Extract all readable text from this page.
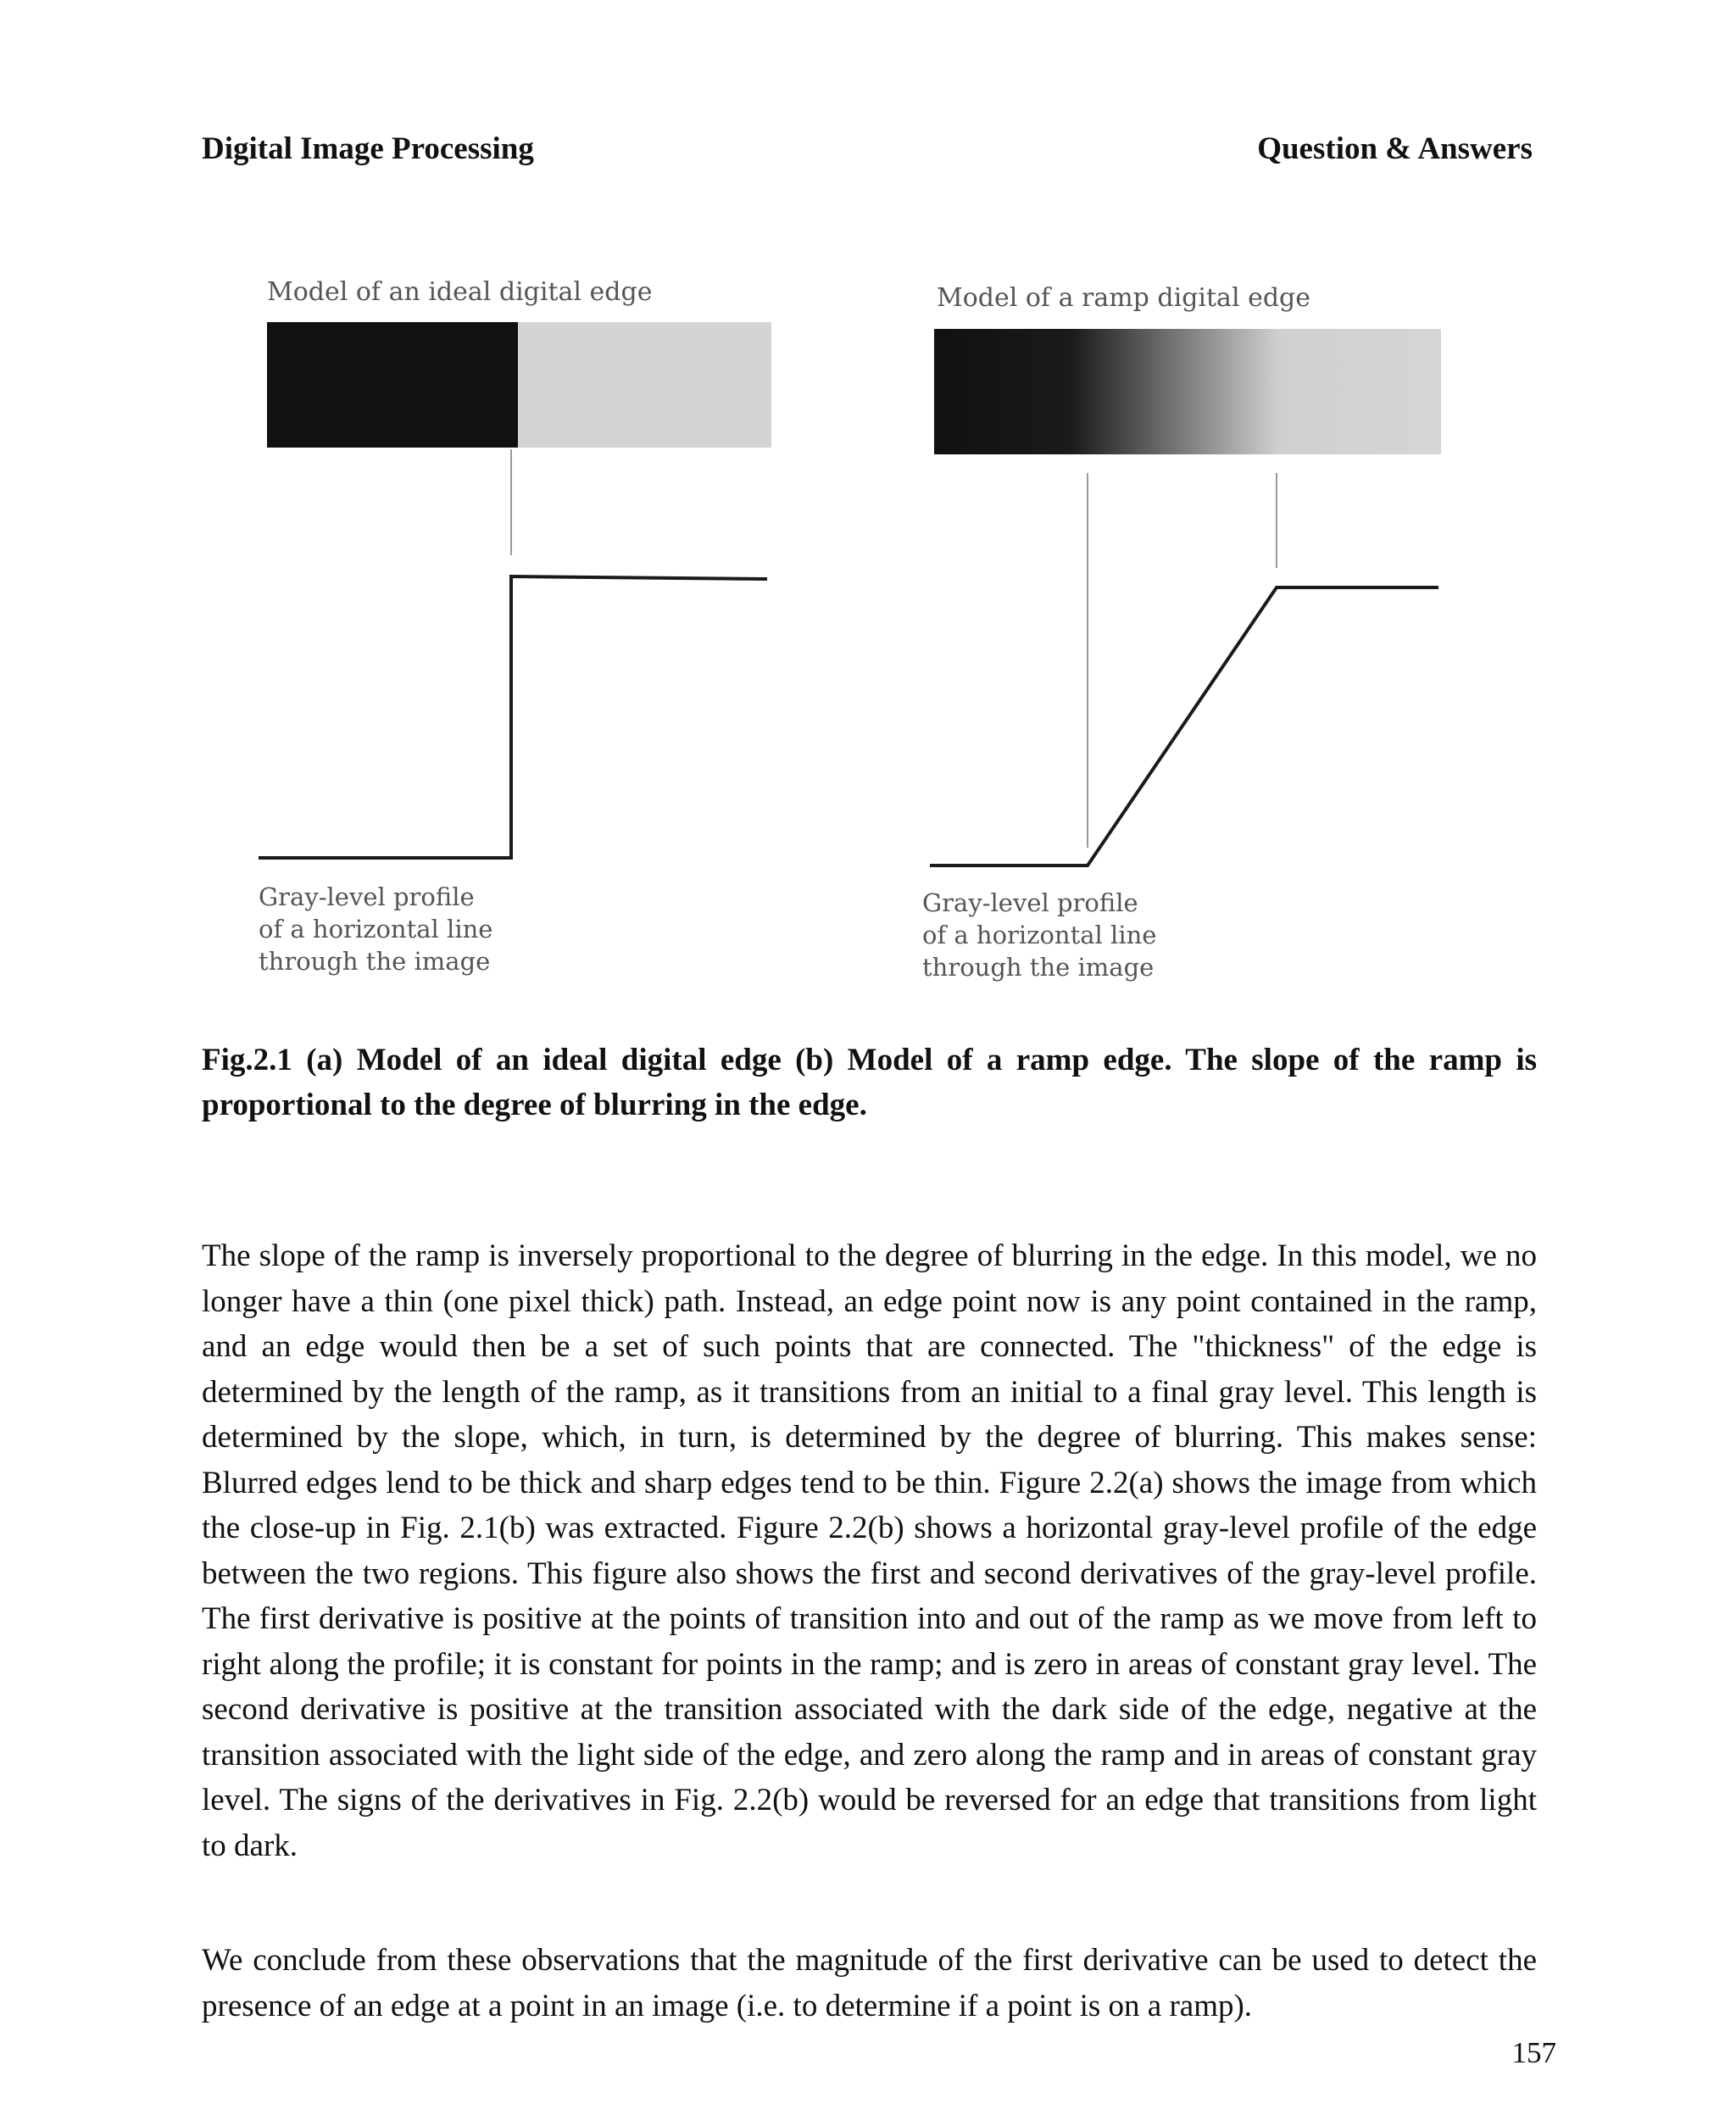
Digital Image Processing	Question & Answers
Model of an ideal digital edge
Gray-level profile
of a horizontal line
through the image
Model of a ramp digital edge
Gray-level profile
of a horizontal line
through the image
Fig.2.1 (a) Model of an ideal digital edge (b) Model of a ramp edge. The slope of the ramp is proportional to the degree of blurring in the edge.

The slope of the ramp is inversely proportional to the degree of blurring in the edge. In this model, we no longer have a thin (one pixel thick) path. Instead, an edge point now is any point contained in the ramp, and an edge would then be a set of such points that are connected. The "thickness" of the edge is determined by the length of the ramp, as it transitions from an initial to a final gray level. This length is determined by the slope, which, in turn, is determined by the degree of blurring. This makes sense: Blurred edges lend to be thick and sharp edges tend to be thin. Figure 2.2(a) shows the image from which the close-up in Fig. 2.1(b) was extracted. Figure 2.2(b) shows a horizontal gray-level profile of the edge between the two regions. This figure also shows the first and second derivatives of the gray-level profile. The first derivative is positive at the points of transition into and out of the ramp as we move from left to right along the profile; it is constant for points in the ramp; and is zero in areas of constant gray level. The second derivative is positive at the transition associated with the dark side of the edge, negative at the transition associated with the light side of the edge, and zero along the ramp and in areas of constant gray level. The signs of the derivatives in Fig. 2.2(b) would be reversed for an edge that transitions from light to dark.

We conclude from these observations that the magnitude of the first derivative can be used to detect the presence of an edge at a point in an image (i.e. to determine if a point is on a ramp).

157
